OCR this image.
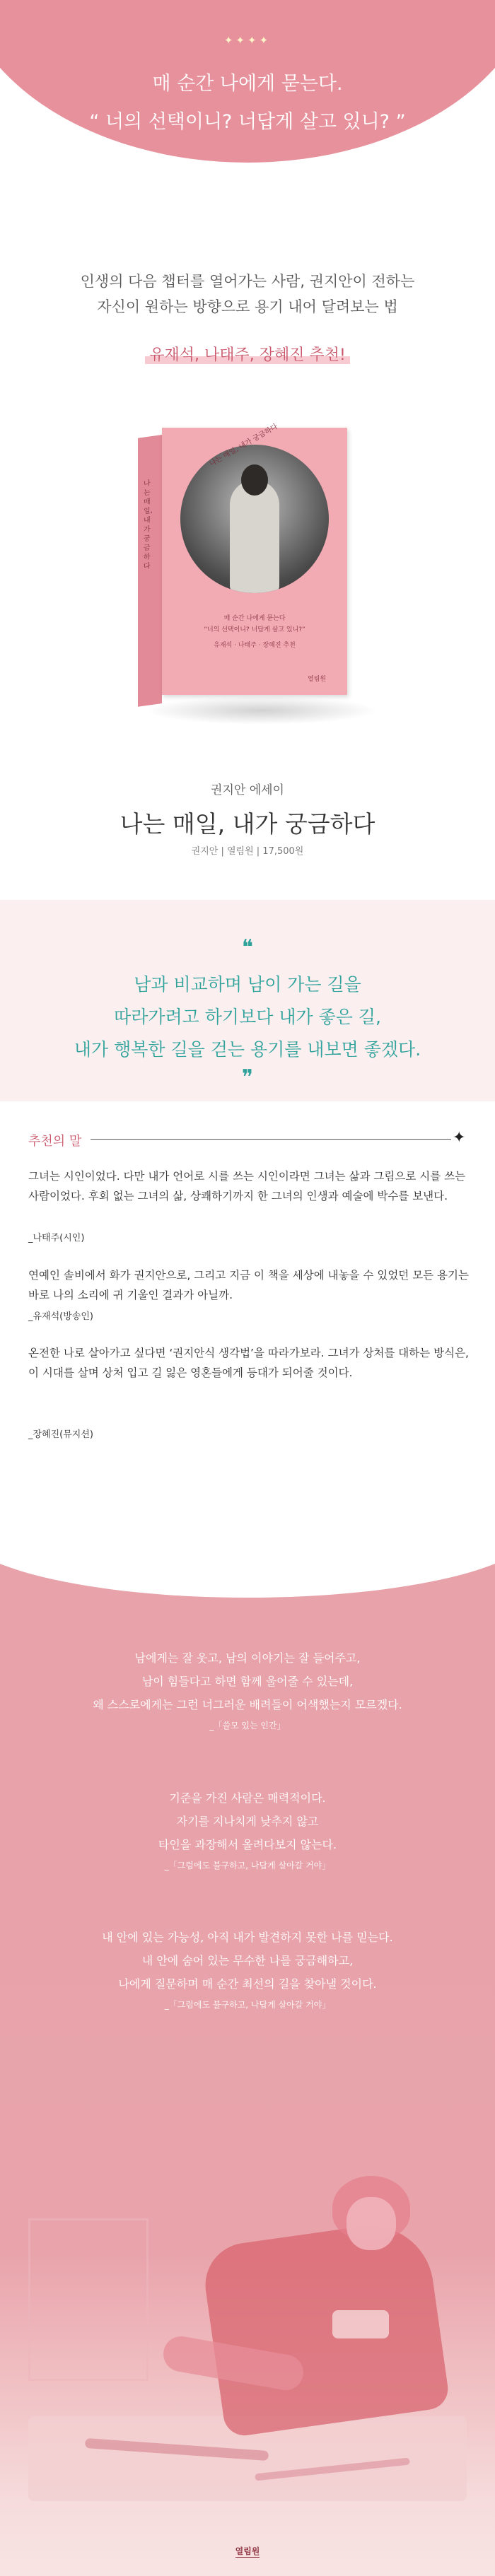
✦✦✦✦
매 순간 나에게 묻는다.
“ 너의 선택이니? 너답게 살고 있니? ”
인생의 다음 챕터를 열어가는 사람, 권지안이 전하는
자신이 원하는 방향으로 용기 내어 달려보는 법
유재석, 나태주, 장혜진 추천!
나는 매일, 내가 궁금하다
나는 매일, 내가 궁금하다
매 순간 나에게 묻는다
“너의 선택이니? 너답게 살고 있니?”
유재석 · 나태주 · 장혜진 추천
열림원
권지안 에세이
나는 매일, 내가 궁금하다
권지안 | 열림원 | 17,500원
❝
남과 비교하며 남이 가는 길을
따라가려고 하기보다 내가 좋은 길,
내가 행복한 길을 걷는 용기를 내보면 좋겠다.
❞
추천의 말	✦
그녀는 시인이었다. 다만 내가 언어로 시를 쓰는 시인이라면 그녀는 삶과 그림으로 시를 쓰는 사람이었다. 후회 없는 그녀의 삶, 상쾌하기까지 한 그녀의 인생과 예술에 박수를 보낸다.
_나태주(시인)
연예인 솔비에서 화가 권지안으로, 그리고 지금 이 책을 세상에 내놓을 수 있었던 모든 용기는 바로 나의 소리에 귀 기울인 결과가 아닐까.
_유재석(방송인)
온전한 나로 살아가고 싶다면 ‘권지안식 생각법’을 따라가보라. 그녀가 상처를 대하는 방식은, 이 시대를 살며 상처 입고 길 잃은 영혼들에게 등대가 되어줄 것이다.
_장혜진(뮤지션)
남에게는 잘 웃고, 남의 이야기는 잘 들어주고,
남이 힘들다고 하면 함께 울어줄 수 있는데,
왜 스스로에게는 그런 너그러운 배려들이 어색했는지 모르겠다.
_「쓸모 있는 인간」
기준을 가진 사람은 매력적이다.
자기를 지나치게 낮추지 않고
타인을 과장해서 올려다보지 않는다.
_「그럼에도 불구하고, 나답게 살아갈 거야」
내 안에 있는 가능성, 아직 내가 발견하지 못한 나를 믿는다.
내 안에 숨어 있는 무수한 나를 궁금해하고,
나에게 질문하며 매 순간 최선의 길을 찾아낼 것이다.
_「그럼에도 불구하고, 나답게 살아갈 거야」
열림원
